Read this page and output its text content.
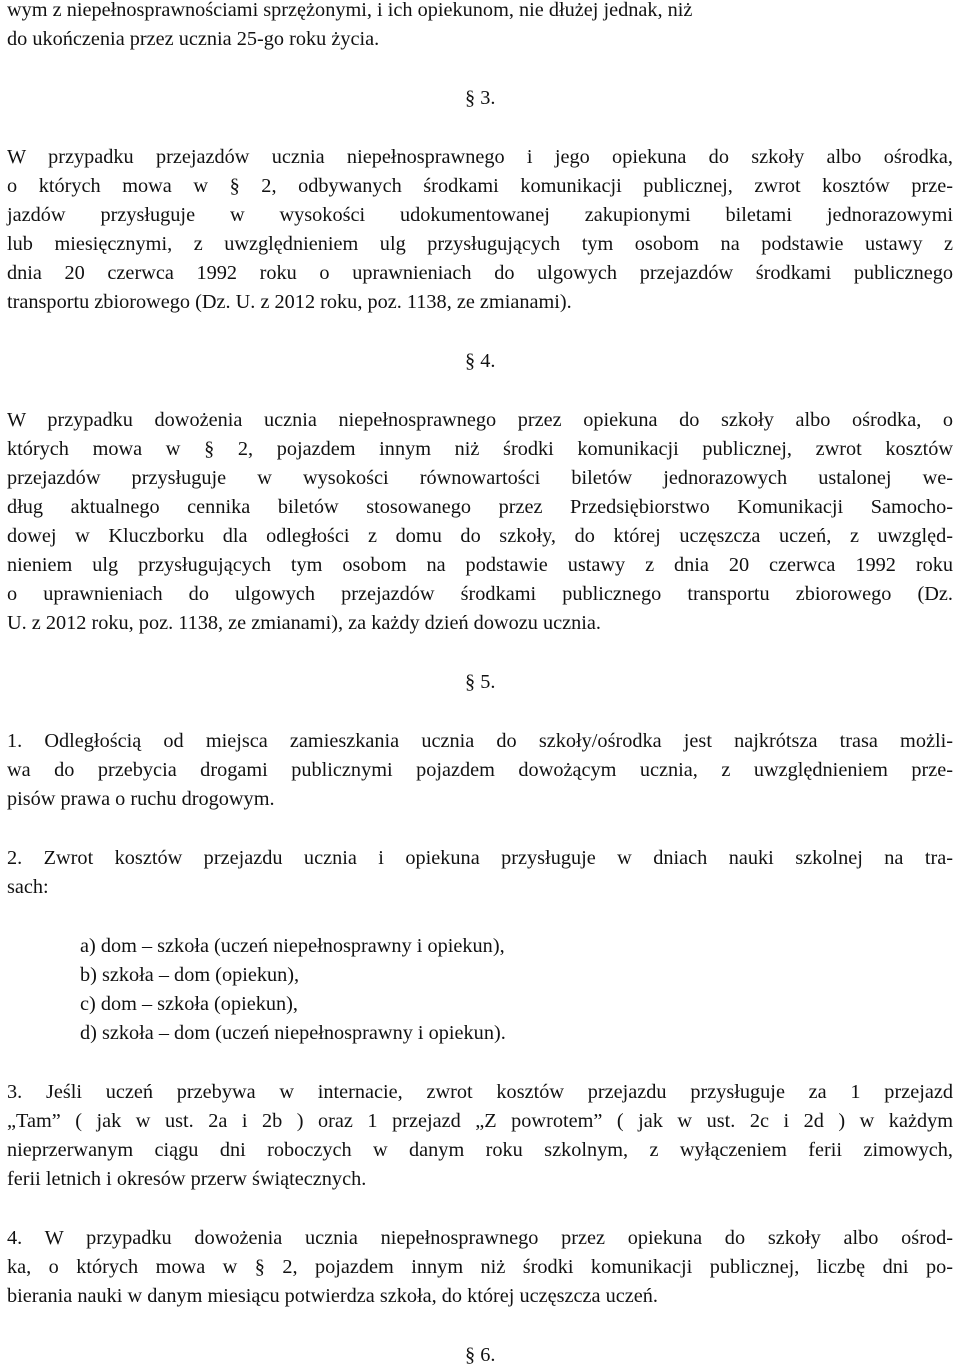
wym z niepełnosprawnościami sprzężonymi, i ich opiekunom, nie dłużej jednak, niż
do ukończenia przez ucznia 25-go roku życia.
§ 3.
W przypadku przejazdów ucznia niepełnosprawnego i jego opiekuna do szkoły albo ośrodka,
o których mowa w § 2, odbywanych środkami komunikacji publicznej, zwrot kosztów prze-
jazdów przysługuje w wysokości udokumentowanej zakupionymi biletami jednorazowymi
lub miesięcznymi, z uwzględnieniem ulg przysługujących tym osobom na podstawie ustawy z
dnia 20 czerwca 1992 roku o uprawnieniach do ulgowych przejazdów środkami publicznego
transportu zbiorowego (Dz. U. z 2012 roku, poz. 1138, ze zmianami).
§ 4.
W przypadku dowożenia ucznia niepełnosprawnego przez opiekuna do szkoły albo ośrodka, o
których mowa w § 2, pojazdem innym niż środki komunikacji publicznej, zwrot kosztów
przejazdów przysługuje w wysokości równowartości biletów jednorazowych ustalonej we-
dług aktualnego cennika biletów stosowanego przez Przedsiębiorstwo Komunikacji Samocho-
dowej w Kluczborku dla odległości z domu do szkoły, do której uczęszcza uczeń, z uwzględ-
nieniem ulg przysługujących tym osobom na podstawie ustawy z dnia 20 czerwca 1992 roku
o uprawnieniach do ulgowych przejazdów środkami publicznego transportu zbiorowego (Dz.
U. z 2012 roku, poz. 1138, ze zmianami), za każdy dzień dowozu ucznia.
§ 5.
1. Odległością od miejsca zamieszkania ucznia do szkoły/ośrodka jest najkrótsza trasa możli-
wa do przebycia drogami publicznymi pojazdem dowożącym ucznia, z uwzględnieniem prze-
pisów prawa o ruchu drogowym.
2. Zwrot kosztów przejazdu ucznia i opiekuna przysługuje w dniach nauki szkolnej na tra-
sach:
a) dom – szkoła (uczeń niepełnosprawny i opiekun),
b) szkoła – dom (opiekun),
c) dom – szkoła (opiekun),
d) szkoła – dom (uczeń niepełnosprawny i opiekun).
3. Jeśli uczeń przebywa w internacie, zwrot kosztów przejazdu przysługuje za 1 przejazd
„Tam” ( jak w ust. 2a i 2b ) oraz 1 przejazd „Z powrotem” ( jak w ust. 2c i 2d ) w każdym
nieprzerwanym ciągu dni roboczych w danym roku szkolnym, z wyłączeniem ferii zimowych,
ferii letnich i okresów przerw świątecznych.
4. W przypadku dowożenia ucznia niepełnosprawnego przez opiekuna do szkoły albo ośrod-
ka, o których mowa w § 2, pojazdem innym niż środki komunikacji publicznej, liczbę dni po-
bierania nauki w danym miesiącu potwierdza szkoła, do której uczęszcza uczeń.
§ 6.
